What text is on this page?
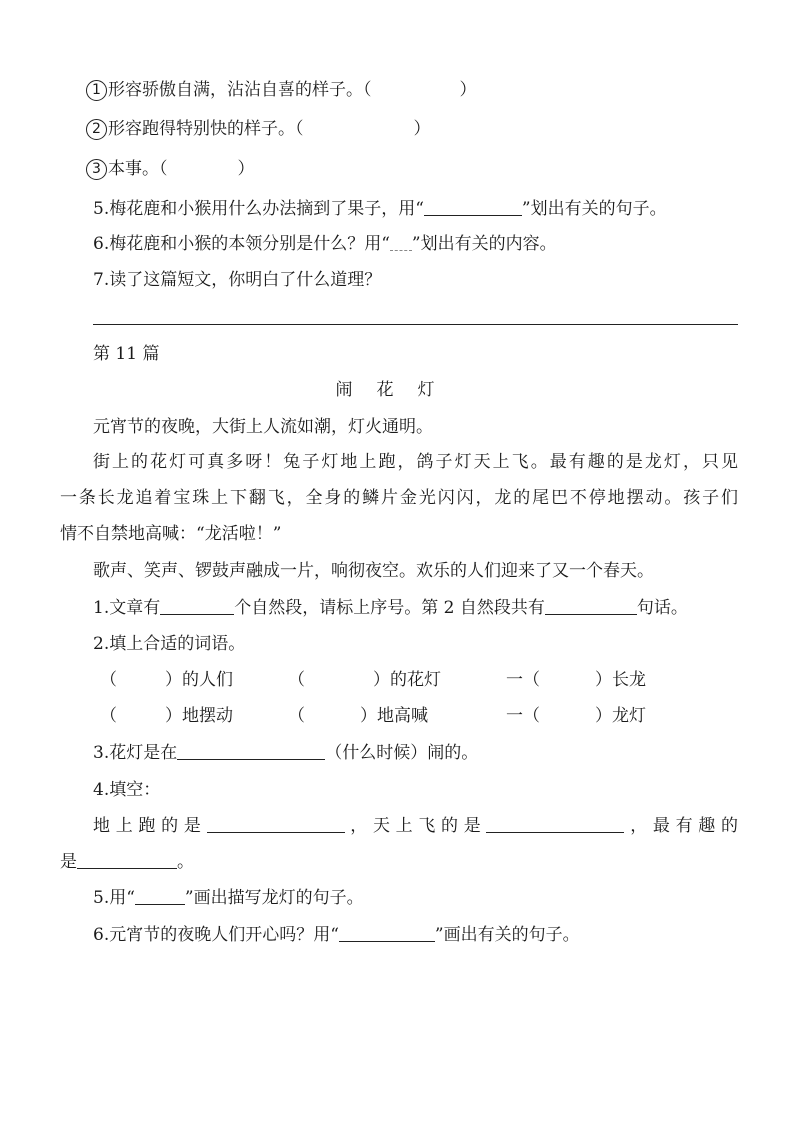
1 形容骄傲自满，沾沾自喜的样子。（	）
2 形容跑得特别快的样子。（	）
3 本事。（	）
5.梅花鹿和小猴用什么办法摘到了果子，用“	”划出有关的句子。
6.梅花鹿和小猴的本领分别是什么？用“ ”划出有关的内容。
7.读了这篇短文，你明白了什么道理？
第 11 篇
闹花灯
元宵节的夜晚，大街上人流如潮，灯火通明。
街上的花灯可真多呀！兔子灯地上跑，鸽子灯天上飞。最有趣的是龙灯，只见
一条长龙追着宝珠上下翻飞，全身的鳞片金光闪闪，龙的尾巴不停地摆动。孩子们
情不自禁地高喊：“龙活啦！”
歌声、笑声、锣鼓声融成一片，响彻夜空。欢乐的人们迎来了又一个春天。
1.文章有	个自然段，请标上序号。第 2 自然段共有	句话。
2.填上合适的词语。
（	）的人们	（	）的花灯	一（	）长龙
（	）地摆动	（	）地高喊	一（	）龙灯
3.花灯是在	（什么时候）闹的。
4.填空：
地上跑的是	，天上飞的是	，最有趣的
是	。
5.用“	”画出描写龙灯的句子。
6.元宵节的夜晚人们开心吗？用“	”画出有关的句子。
